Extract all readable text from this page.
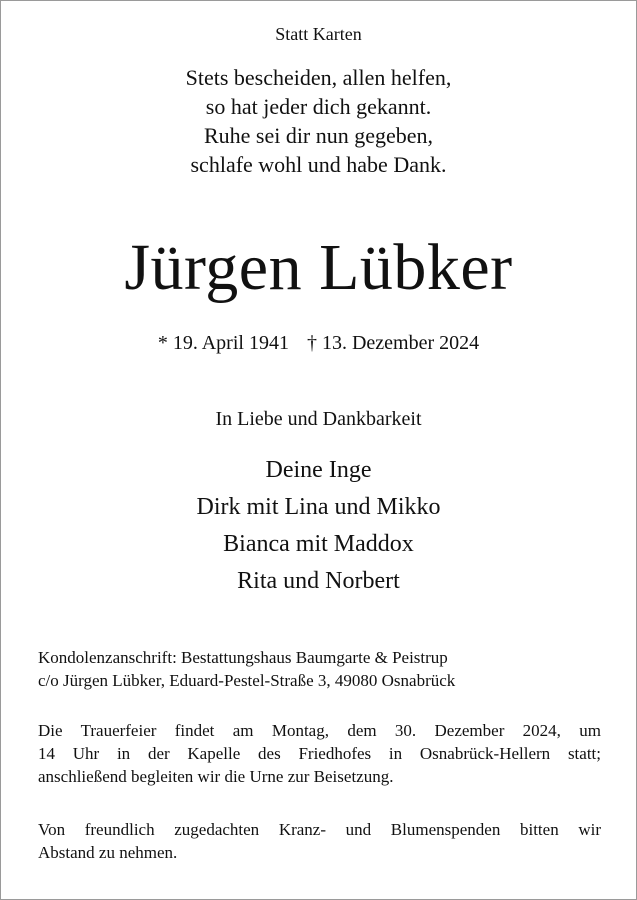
Statt Karten
Stets bescheiden, allen helfen,
so hat jeder dich gekannt.
Ruhe sei dir nun gegeben,
schlafe wohl und habe Dank.
Jürgen Lübker
* 19. April 1941 † 13. Dezember 2024
In Liebe und Dankbarkeit
Deine Inge
Dirk mit Lina und Mikko
Bianca mit Maddox
Rita und Norbert
Kondolenzanschrift: Bestattungshaus Baumgarte & Peistrup
c/o Jürgen Lübker, Eduard-Pestel-Straße 3, 49080 Osnabrück
Die Trauerfeier findet am Montag, dem 30. Dezember 2024, um
14 Uhr in der Kapelle des Friedhofes in Osnabrück-Hellern statt;
anschließend begleiten wir die Urne zur Beisetzung.
Von freundlich zugedachten Kranz- und Blumenspenden bitten wir
Abstand zu nehmen.
